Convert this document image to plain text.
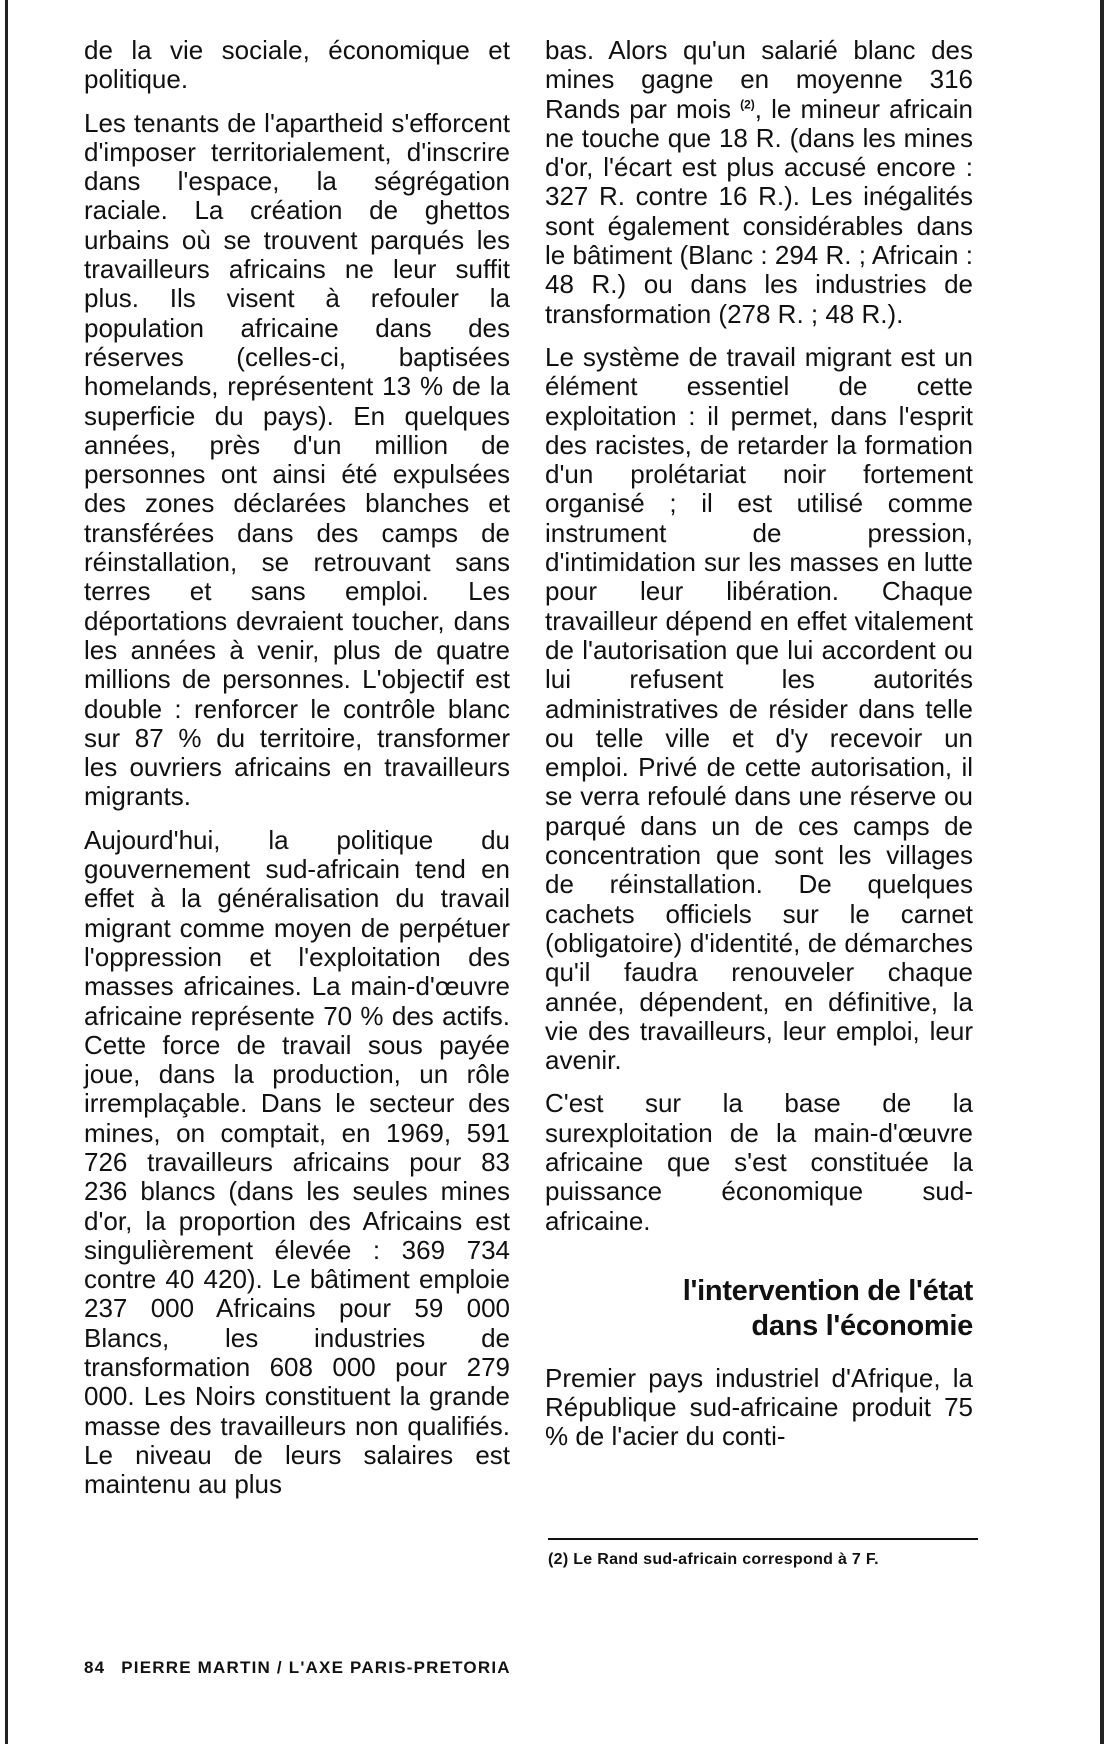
de la vie sociale, économique et politique.

Les tenants de l'apartheid s'efforcent d'imposer territorialement, d'inscrire dans l'espace, la ségrégation raciale. La création de ghettos urbains où se trouvent parqués les travailleurs africains ne leur suffit plus. Ils visent à refouler la population africaine dans des réserves (celles-ci, baptisées homelands, représentent 13 % de la superficie du pays). En quelques années, près d'un million de personnes ont ainsi été expulsées des zones déclarées blanches et transférées dans des camps de réinstallation, se retrouvant sans terres et sans emploi. Les déportations devraient toucher, dans les années à venir, plus de quatre millions de personnes. L'objectif est double : renforcer le contrôle blanc sur 87 % du territoire, transformer les ouvriers africains en travailleurs migrants.

Aujourd'hui, la politique du gouvernement sud-africain tend en effet à la généralisation du travail migrant comme moyen de perpétuer l'oppression et l'exploitation des masses africaines. La main-d'œuvre africaine représente 70 % des actifs. Cette force de travail sous payée joue, dans la production, un rôle irremplaçable. Dans le secteur des mines, on comptait, en 1969, 591 726 travailleurs africains pour 83 236 blancs (dans les seules mines d'or, la proportion des Africains est singulièrement élevée : 369 734 contre 40 420). Le bâtiment emploie 237 000 Africains pour 59 000 Blancs, les industries de transformation 608 000 pour 279 000. Les Noirs constituent la grande masse des travailleurs non qualifiés. Le niveau de leurs salaires est maintenu au plus

bas. Alors qu'un salarié blanc des mines gagne en moyenne 316 Rands par mois $^{(2)}$, le mineur africain ne touche que 18 R. (dans les mines d'or, l'écart est plus accusé encore : 327 R. contre 16 R.). Les inégalités sont également considérables dans le bâtiment (Blanc : 294 R. ; Africain : 48 R.) ou dans les industries de transformation (278 R. ; 48 R.).

Le système de travail migrant est un élément essentiel de cette exploitation : il permet, dans l'esprit des racistes, de retarder la formation d'un prolétariat noir fortement organisé ; il est utilisé comme instrument de pression, d'intimidation sur les masses en lutte pour leur libération. Chaque travailleur dépend en effet vitalement de l'autorisation que lui accordent ou lui refusent les autorités administratives de résider dans telle ou telle ville et d'y recevoir un emploi. Privé de cette autorisation, il se verra refoulé dans une réserve ou parqué dans un de ces camps de concentration que sont les villages de réinstallation. De quelques cachets officiels sur le carnet (obligatoire) d'identité, de démarches qu'il faudra renouveler chaque année, dépendent, en définitive, la vie des travailleurs, leur emploi, leur avenir.

C'est sur la base de la surexploitation de la main-d'œuvre africaine que s'est constituée la puissance économique sud-africaine.

l'intervention de l'état
dans l'économie

Premier pays industriel d'Afrique, la République sud-africaine produit 75 % de l'acier du conti-

(2) Le Rand sud-africain correspond à 7 F.
84 PIERRE MARTIN / L'AXE PARIS-PRETORIA
